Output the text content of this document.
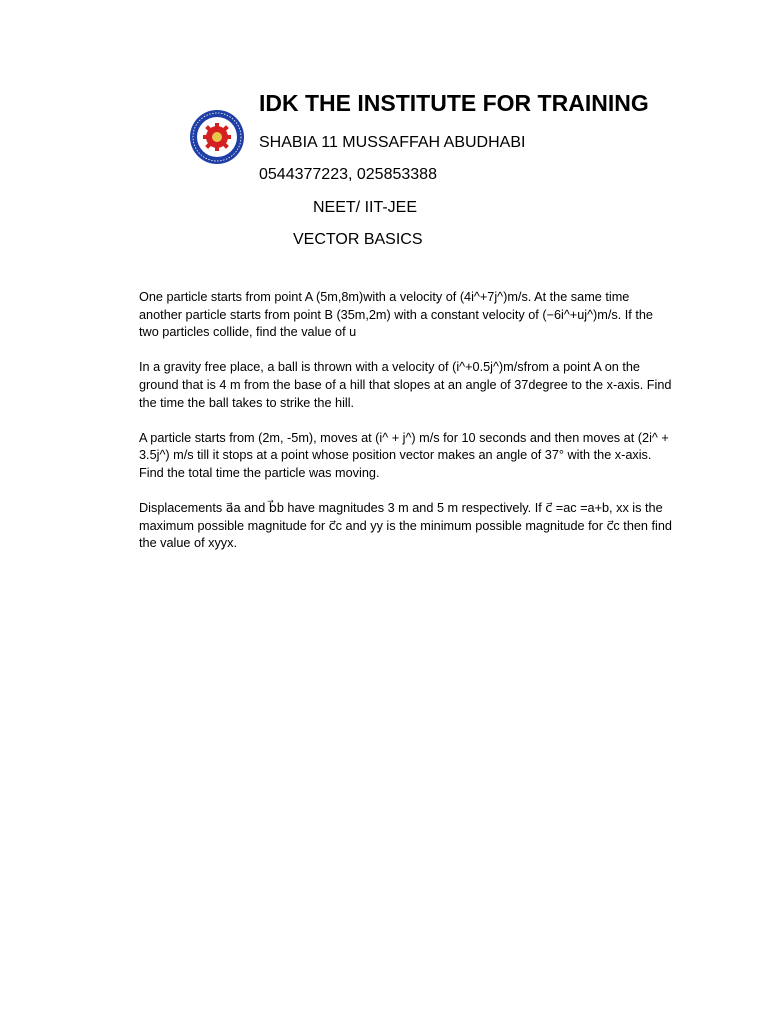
IDK THE INSTITUTE FOR TRAINING
SHABIA 11 MUSSAFFAH ABUDHABI
0544377223, 025853388
NEET/ IIT-JEE
VECTOR BASICS

One particle starts from point A (5m,8m)with a velocity of (4i^+7j^)m/s. At the same time another particle starts from point B (35m,2m) with a constant velocity of (−6i^+uj^)m/s. If the two particles collide, find the value of u

In a gravity free place, a ball is thrown with a velocity of (i^+0.5j^)m/sfrom a point A on the ground that is 4 m from the base of a hill that slopes at an angle of 37degree to the x-axis. Find the time the ball takes to strike the hill.

A particle starts from (2m, -5m), moves at (i^ + j^) m/s for 10 seconds and then moves at (2i^ + 3.5j^) m/s till it stops at a point whose position vector makes an angle of 37° with the x-axis. Find the total time the particle was moving.

Displacements a⃗a and b⃗b have magnitudes 3 m and 5 m respectively. If c⃗ =ac =a+b, xx is the maximum possible magnitude for c⃗c and yy is the minimum possible magnitude for c⃗c then find the value of xyyx.
